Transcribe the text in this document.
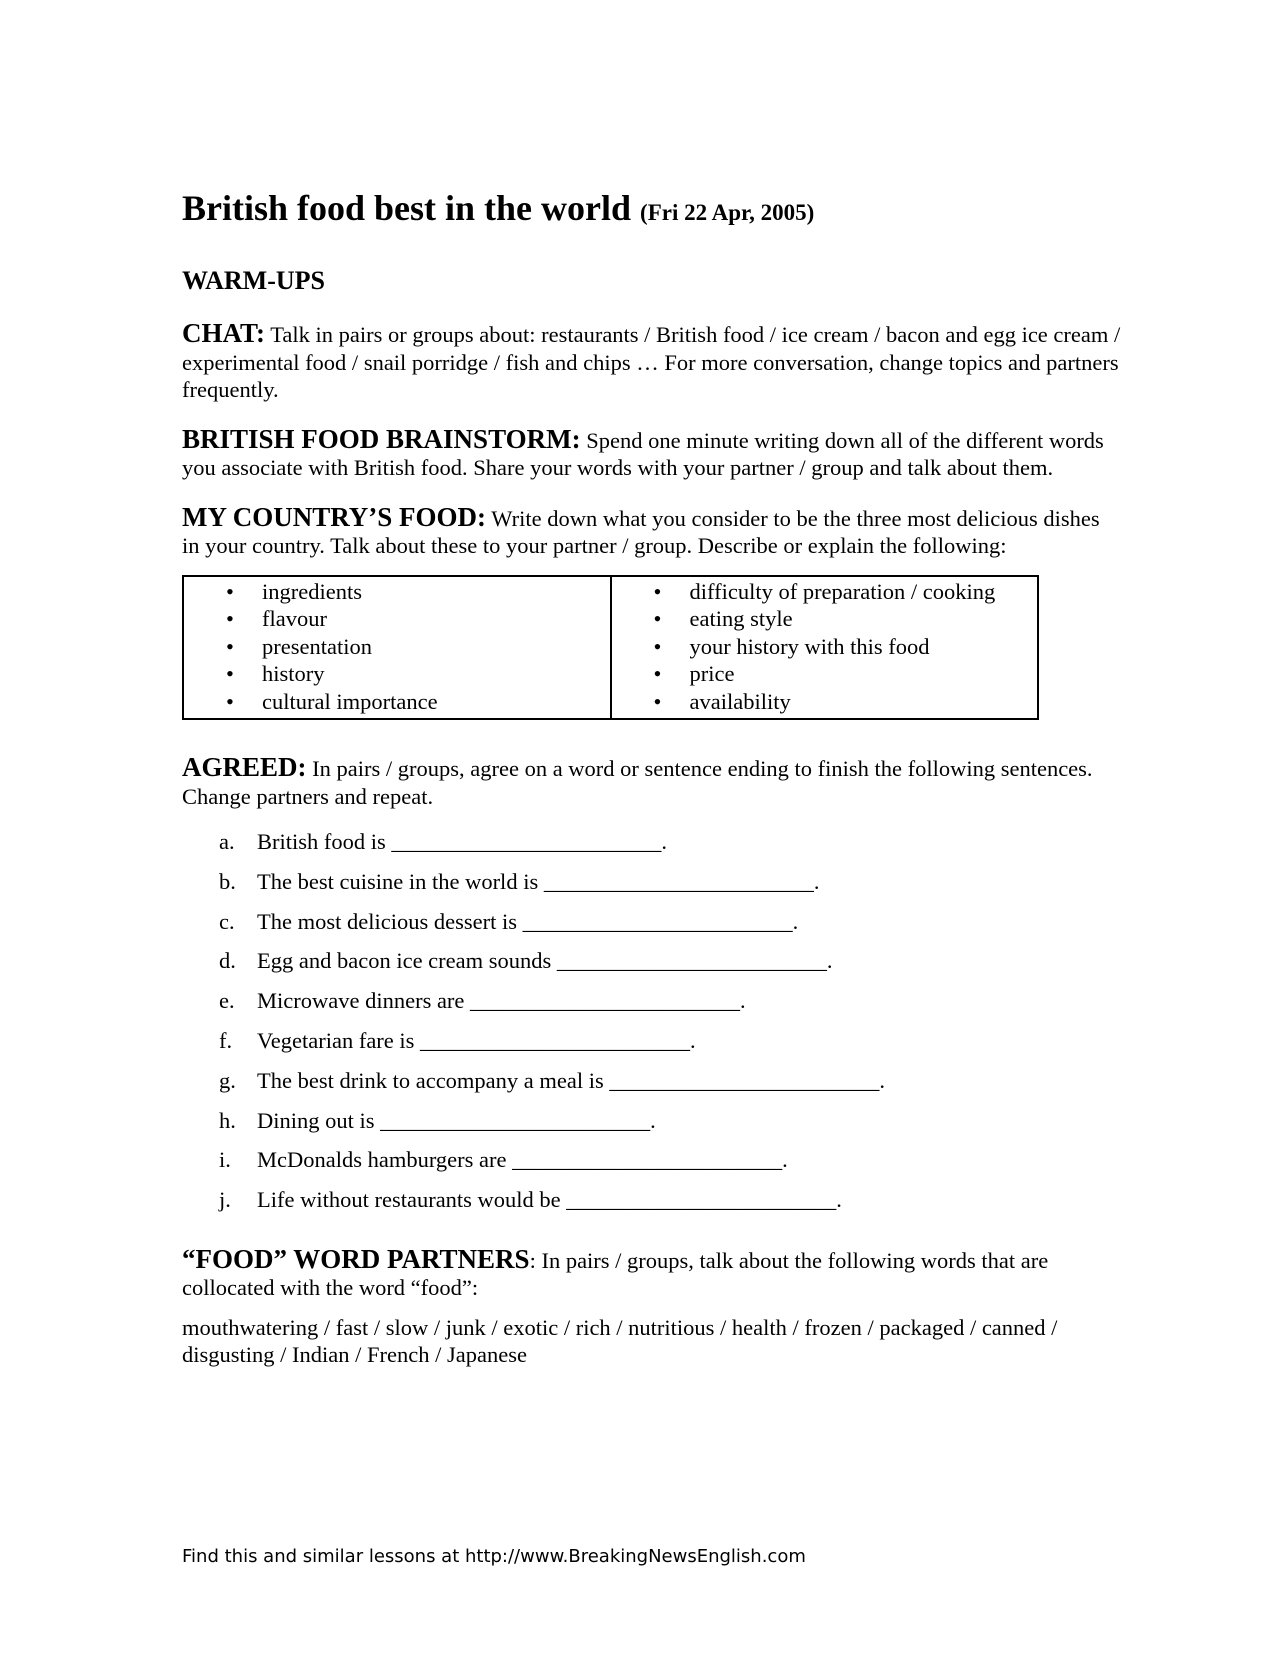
British food best in the world (Fri 22 Apr, 2005)
WARM-UPS

CHAT: Talk in pairs or groups about: restaurants / British food / ice cream / bacon and egg ice cream / experimental food / snail porridge / fish and chips … For more conversation, change topics and partners frequently.

BRITISH FOOD BRAINSTORM: Spend one minute writing down all of the different words you associate with British food. Share your words with your partner / group and talk about them.

MY COUNTRY’S FOOD: Write down what you consider to be the three most delicious dishes in your country. Talk about these to your partner / group. Describe or explain the following:

• ingredients
• flavour
• presentation
• history
• cultural importance

• difficulty of preparation / cooking
• eating style
• your history with this food
• price
• availability

AGREED: In pairs / groups, agree on a word or sentence ending to finish the following sentences. Change partners and repeat.

a. British food is ________________________.
b. The best cuisine in the world is ________________________.
c. The most delicious dessert is ________________________.
d. Egg and bacon ice cream sounds ________________________.
e. Microwave dinners are ________________________.
f. Vegetarian fare is ________________________.
g. The best drink to accompany a meal is ________________________.
h. Dining out is ________________________.
i. McDonalds hamburgers are ________________________.
j. Life without restaurants would be ________________________.

“FOOD” WORD PARTNERS: In pairs / groups, talk about the following words that are collocated with the word “food”:

mouthwatering / fast / slow / junk / exotic / rich / nutritious / health / frozen / packaged / canned / disgusting / Indian / French / Japanese

Find this and similar lessons at http://www.BreakingNewsEnglish.com
